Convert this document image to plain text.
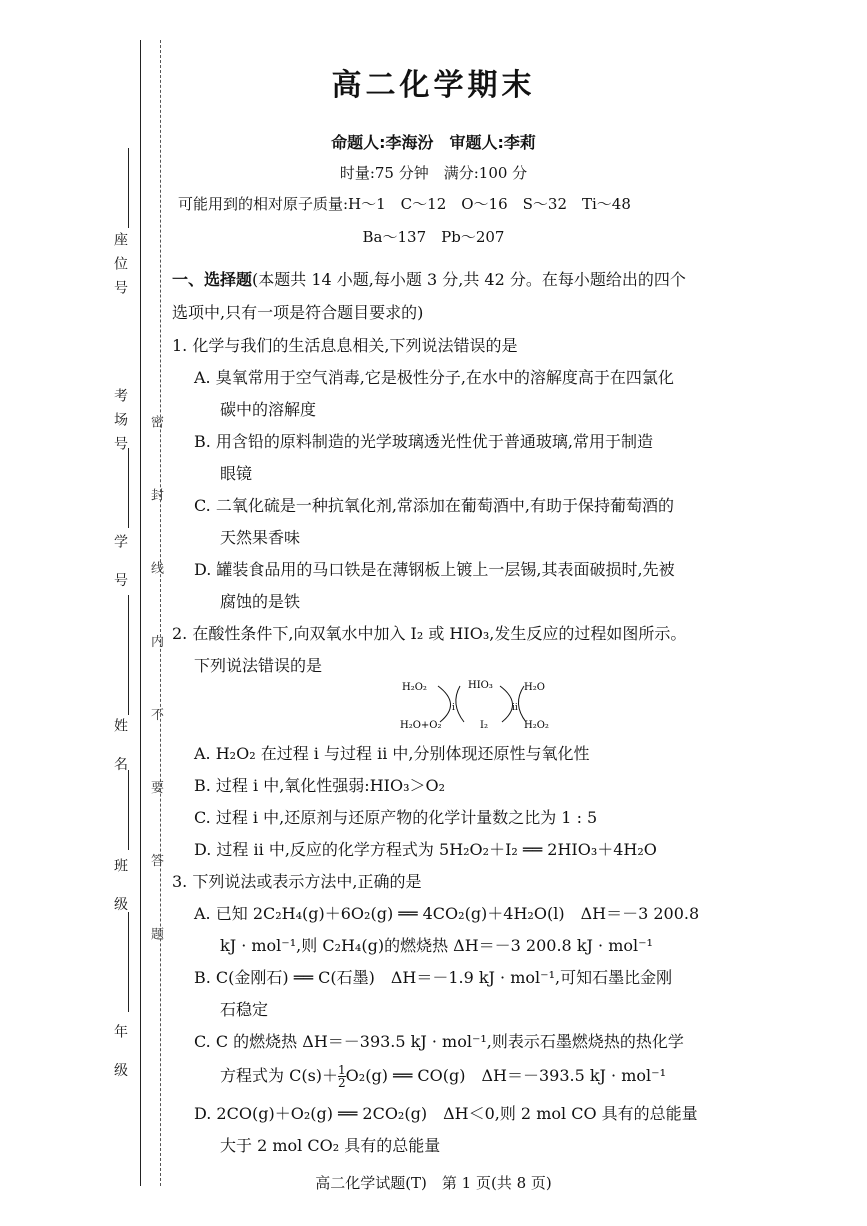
座位号
考场号
学 号
姓 名
班 级
年 级
密 封 线 内 不 要 答 题
高二化学期末
命题人:李海汾　审题人:李莉
时量:75 分钟　满分:100 分
可能用到的相对原子质量:H～1　C～12　O～16　S～32　Ti～48
Ba～137　Pb～207
一、选择题(本题共 14 小题,每小题 3 分,共 42 分。在每小题给出的四个
选项中,只有一项是符合题目要求的)
1. 化学与我们的生活息息相关,下列说法错误的是
A. 臭氧常用于空气消毒,它是极性分子,在水中的溶解度高于在四氯化
碳中的溶解度
B. 用含铅的原料制造的光学玻璃透光性优于普通玻璃,常用于制造
眼镜
C. 二氧化硫是一种抗氧化剂,常添加在葡萄酒中,有助于保持葡萄酒的
天然果香味
D. 罐装食品用的马口铁是在薄钢板上镀上一层锡,其表面破损时,先被
腐蚀的是铁
2. 在酸性条件下,向双氧水中加入 I₂ 或 HIO₃,发生反应的过程如图所示。
下列说法错误的是
H₂O₂	HIO₃	H₂O
H₂O+O₂	I₂	H₂O₂
i	ii
A. H₂O₂ 在过程 i 与过程 ii 中,分别体现还原性与氧化性
B. 过程 i 中,氧化性强弱:HIO₃＞O₂
C. 过程 i 中,还原剂与还原产物的化学计量数之比为 1 : 5
D. 过程 ii 中,反应的化学方程式为 5H₂O₂＋I₂ ══ 2HIO₃＋4H₂O
3. 下列说法或表示方法中,正确的是
A. 已知 2C₂H₄(g)＋6O₂(g) ══ 4CO₂(g)＋4H₂O(l)　ΔH＝－3 200.8
kJ · mol⁻¹,则 C₂H₄(g)的燃烧热 ΔH＝－3 200.8 kJ · mol⁻¹
B. C(金刚石) ══ C(石墨)　ΔH＝－1.9 kJ · mol⁻¹,可知石墨比金刚
石稳定
C. C 的燃烧热 ΔH＝－393.5 kJ · mol⁻¹,则表示石墨燃烧热的热化学
方程式为 $C(s)+ \frac{1}{2} O_2(g)$ ══ CO(g)　ΔH＝－393.5 kJ · mol⁻¹
D. 2CO(g)＋O₂(g) ══ 2CO₂(g)　ΔH＜0,则 2 mol CO 具有的总能量
大于 2 mol CO₂ 具有的总能量
高二化学试题(T)　第 1 页(共 8 页)
